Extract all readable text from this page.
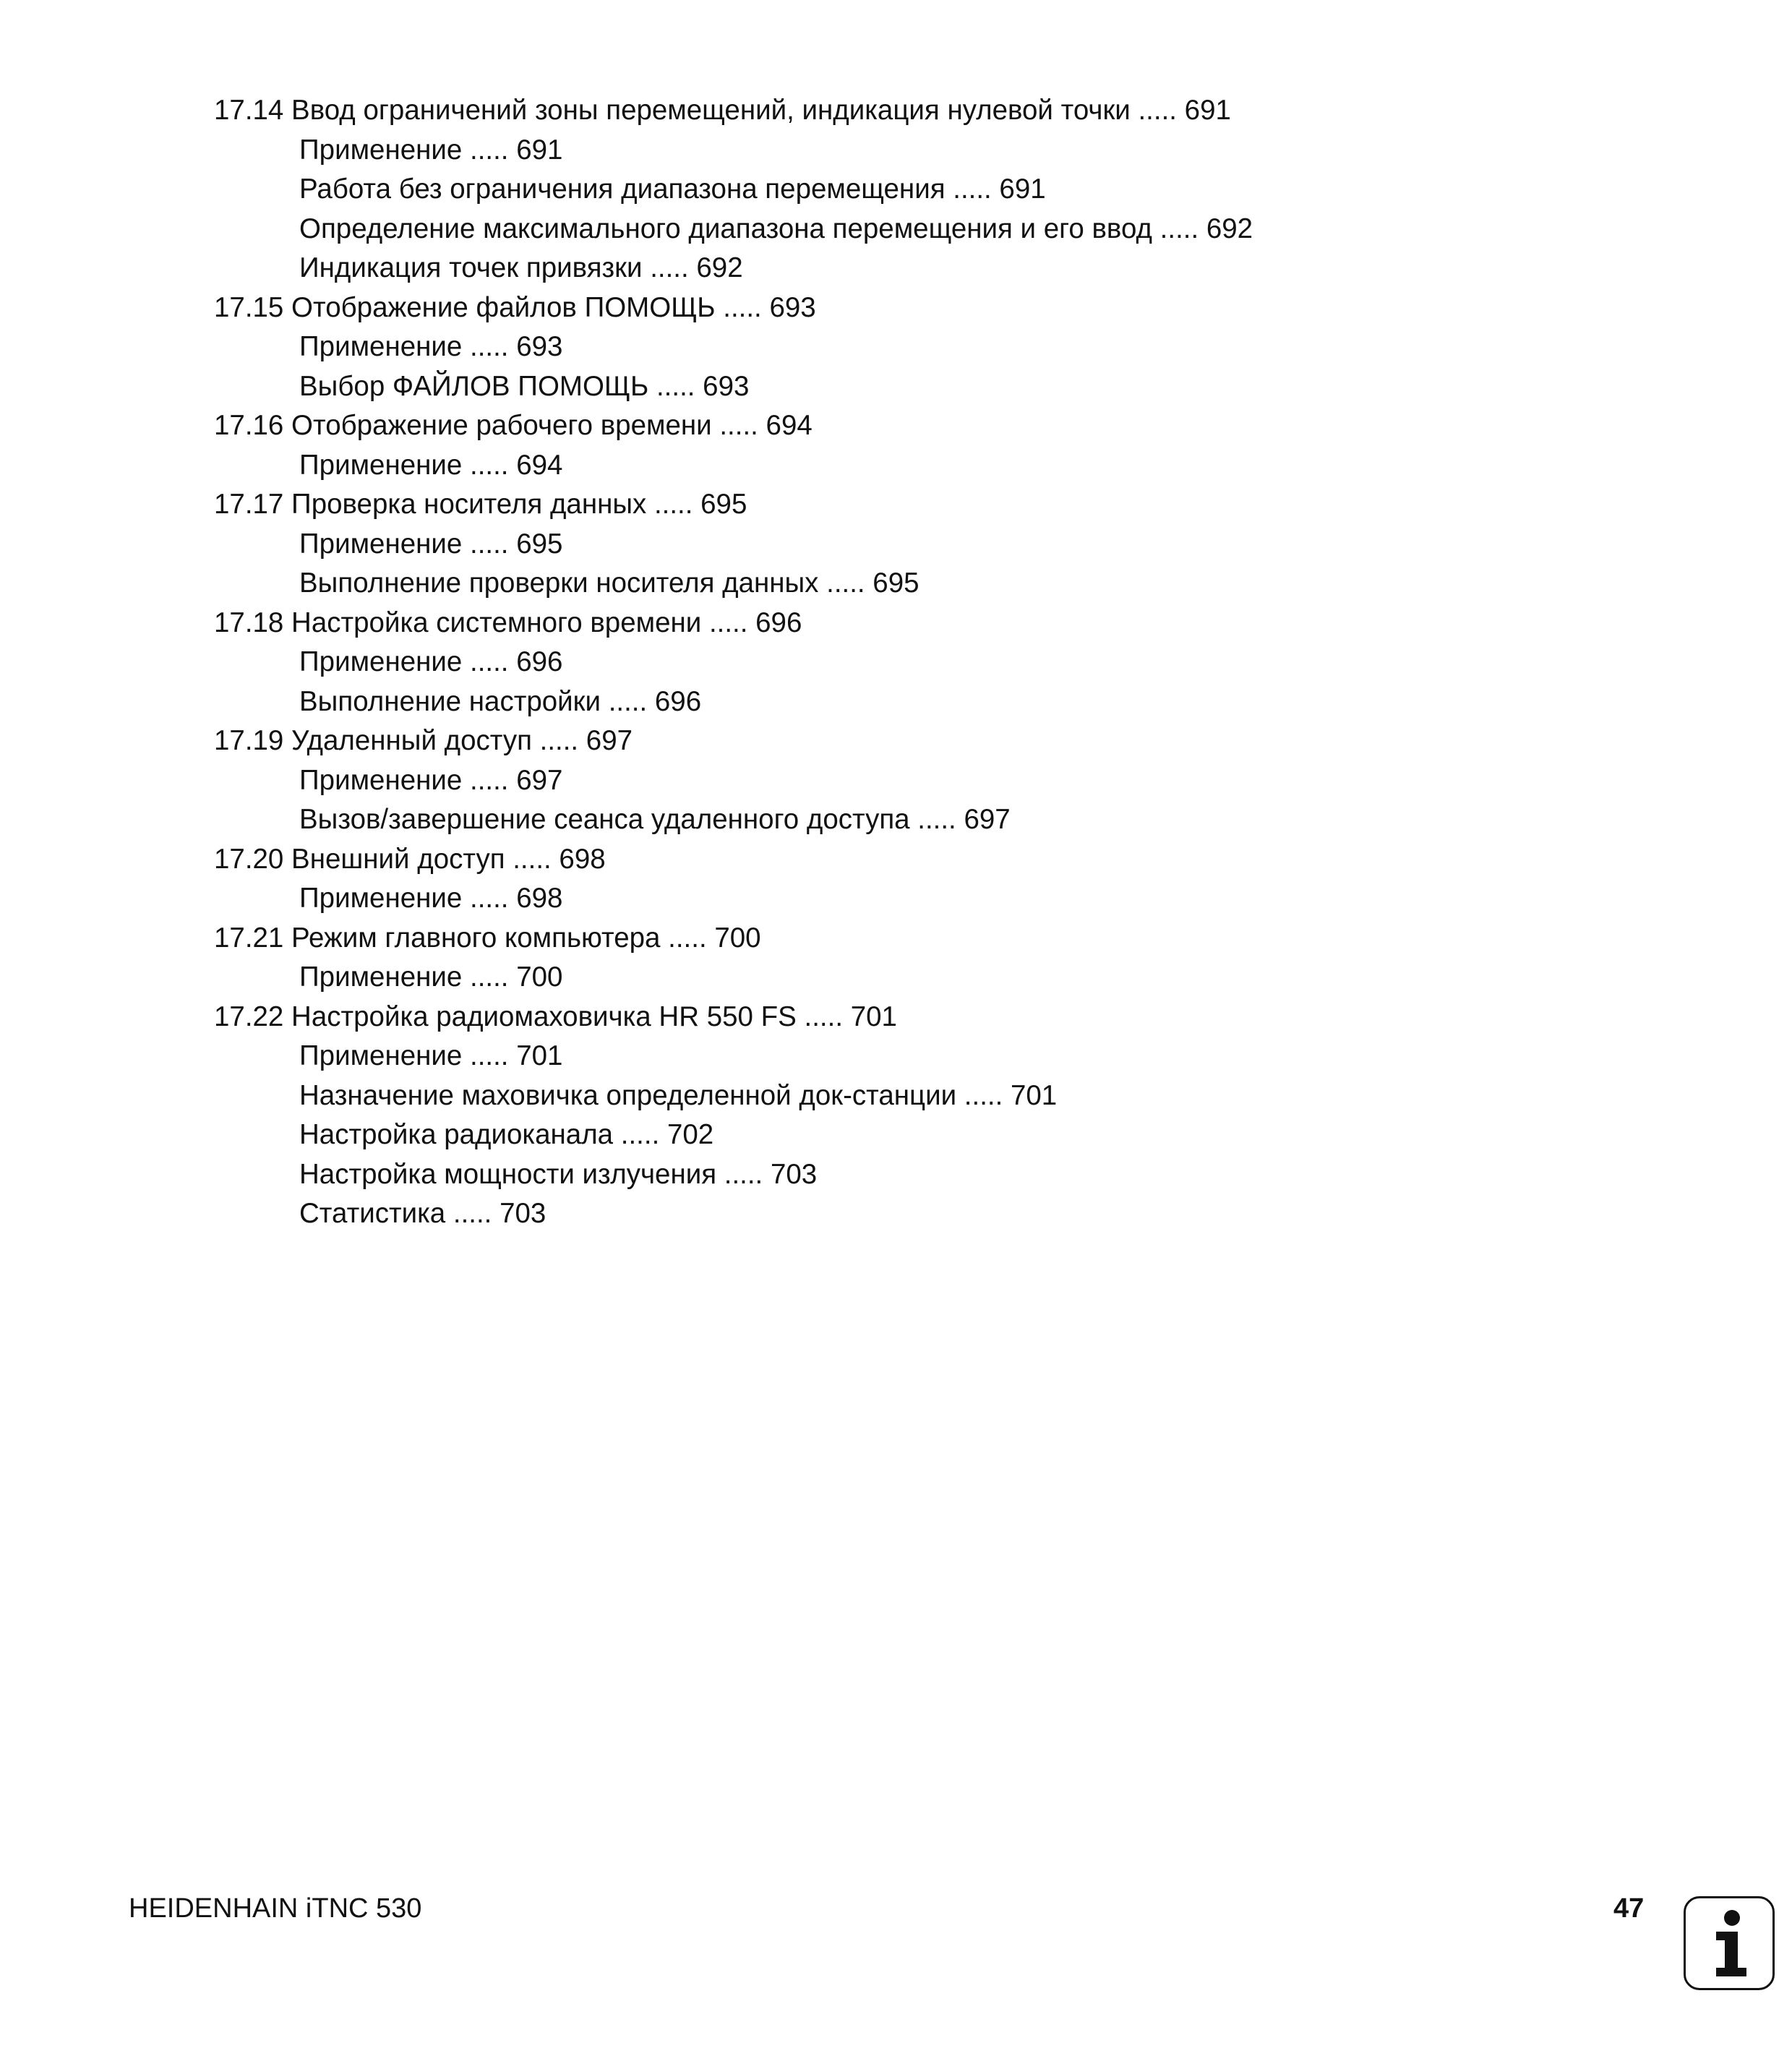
17.14 Ввод ограничений зоны перемещений, индикация нулевой точки ..... 691
Применение ..... 691
Работа без ограничения диапазона перемещения ..... 691
Определение максимального диапазона перемещения и его ввод ..... 692
Индикация точек привязки ..... 692
17.15 Отображение файлов ПОМОЩЬ ..... 693
Применение ..... 693
Выбор ФАЙЛОВ ПОМОЩЬ ..... 693
17.16 Отображение рабочего времени ..... 694
Применение ..... 694
17.17 Проверка носителя данных ..... 695
Применение ..... 695
Выполнение проверки носителя данных ..... 695
17.18 Настройка системного времени ..... 696
Применение ..... 696
Выполнение настройки ..... 696
17.19 Удаленный доступ ..... 697
Применение ..... 697
Вызов/завершение сеанса удаленного доступа ..... 697
17.20 Внешний доступ ..... 698
Применение ..... 698
17.21 Режим главного компьютера ..... 700
Применение ..... 700
17.22 Настройка радиомаховичка HR 550 FS ..... 701
Применение ..... 701
Назначение маховичка определенной док-станции ..... 701
Настройка радиоканала ..... 702
Настройка мощности излучения ..... 703
Статистика ..... 703
HEIDENHAIN iTNC 530	47
